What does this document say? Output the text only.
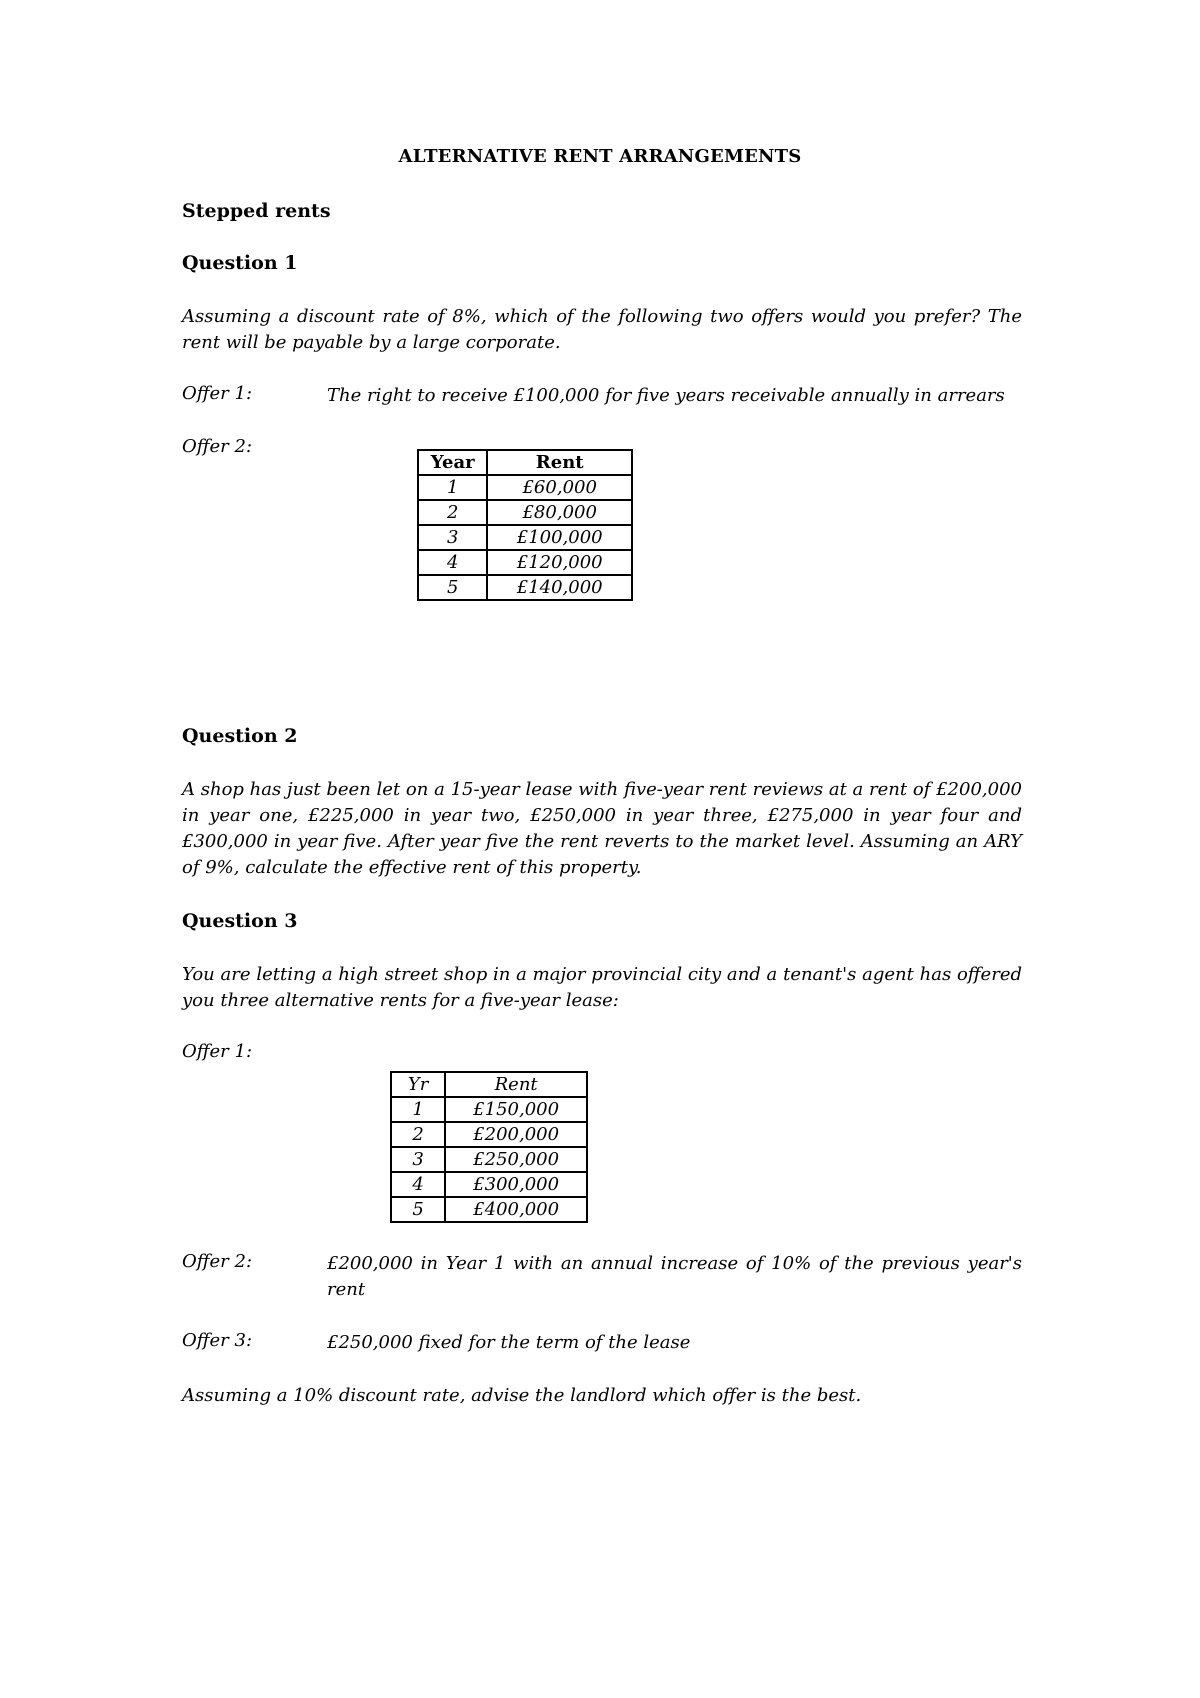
ALTERNATIVE RENT ARRANGEMENTS
Stepped rents
Question 1
Assuming a discount rate of 8%, which of the following two offers would you prefer? The rent will be payable by a large corporate.
Offer 1:	The right to receive £100,000 for five years receivable annually in arrears
Offer 2:
Year	Rent
1	£60,000
2	£80,000
3	£100,000
4	£120,000
5	£140,000
Question 2
A shop has just been let on a 15-year lease with five-year rent reviews at a rent of £200,000 in year one, £225,000 in year two, £250,000 in year three, £275,000 in year four and £300,000 in year five. After year five the rent reverts to the market level. Assuming an ARY of 9%, calculate the effective rent of this property.
Question 3
You are letting a high street shop in a major provincial city and a tenant's agent has offered you three alternative rents for a five-year lease:
Offer 1:
Yr	Rent
1	£150,000
2	£200,000
3	£250,000
4	£300,000
5	£400,000
Offer 2:	£200,000 in Year 1 with an annual increase of 10% of the previous year's rent
Offer 3:	£250,000 fixed for the term of the lease
Assuming a 10% discount rate, advise the landlord which offer is the best.
